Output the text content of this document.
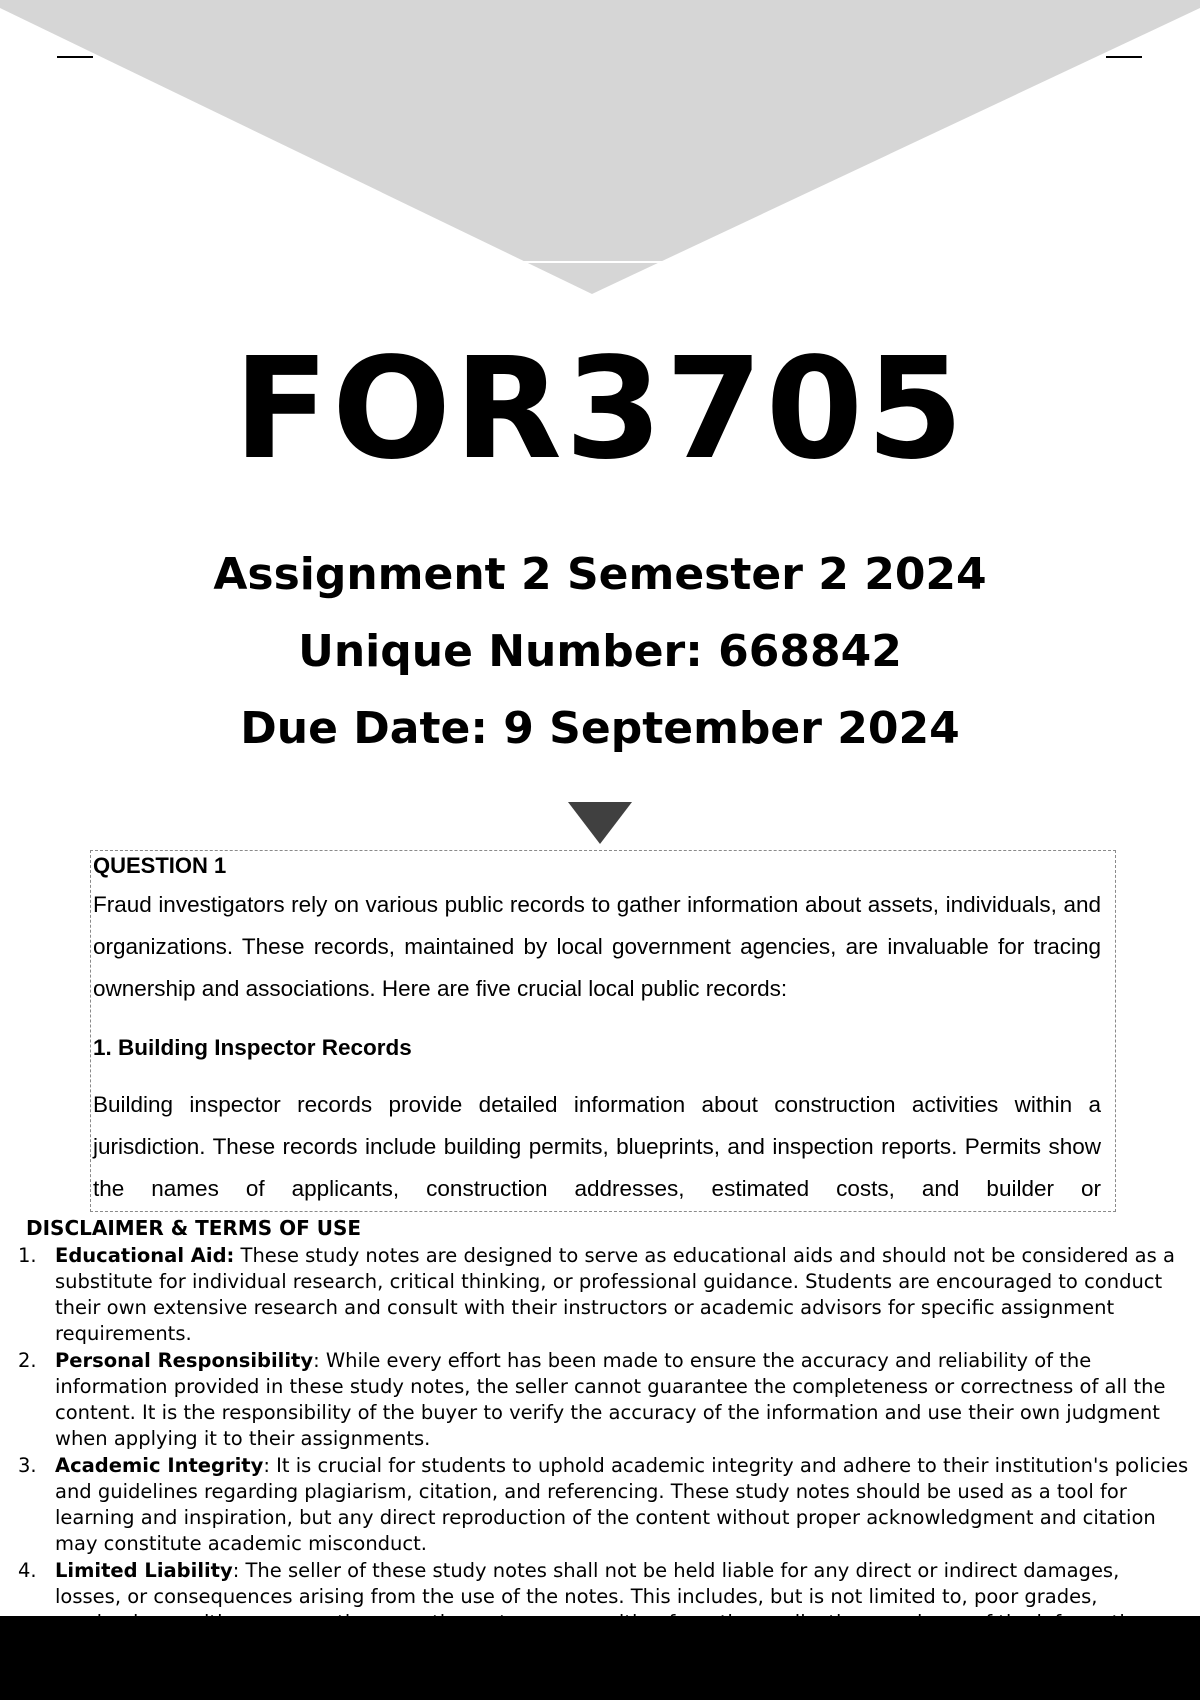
FOR3705
Assignment 2 Semester 2 2024
Unique Number: 668842
Due Date: 9 September 2024
QUESTION 1

Fraud investigators rely on various public records to gather information about assets, individuals, and organizations. These records, maintained by local government agencies, are invaluable for tracing ownership and associations. Here are five crucial local public records:

1. Building Inspector Records

Building inspector records provide detailed information about construction activities within a jurisdiction. These records include building permits, blueprints, and inspection reports. Permits show the names of applicants, construction addresses, estimated costs, and builder or

DISCLAIMER & TERMS OF USE
1. Educational Aid: These study notes are designed to serve as educational aids and should not be considered as a substitute for individual research, critical thinking, or professional guidance. Students are encouraged to conduct their own extensive research and consult with their instructors or academic advisors for specific assignment requirements.
2. Personal Responsibility: While every effort has been made to ensure the accuracy and reliability of the information provided in these study notes, the seller cannot guarantee the completeness or correctness of all the content. It is the responsibility of the buyer to verify the accuracy of the information and use their own judgment when applying it to their assignments.
3. Academic Integrity: It is crucial for students to uphold academic integrity and adhere to their institution's policies and guidelines regarding plagiarism, citation, and referencing. These study notes should be used as a tool for learning and inspiration, but any direct reproduction of the content without proper acknowledgment and citation may constitute academic misconduct.
4. Limited Liability: The seller of these study notes shall not be held liable for any direct or indirect damages, losses, or consequences arising from the use of the notes. This includes, but is not limited to, poor grades,
